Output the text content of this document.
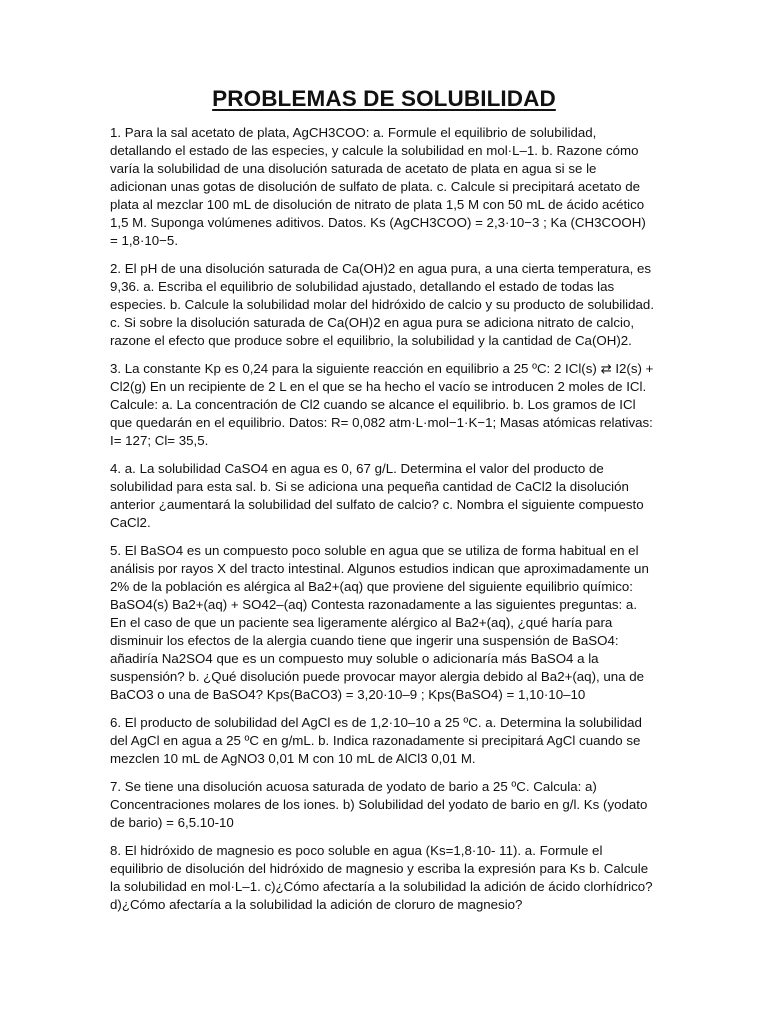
PROBLEMAS DE SOLUBILIDAD

1. Para la sal acetato de plata, AgCH3COO: a. Formule el equilibrio de solubilidad, detallando el estado de las especies, y calcule la solubilidad en mol·L–1. b. Razone cómo varía la solubilidad de una disolución saturada de acetato de plata en agua si se le adicionan unas gotas de disolución de sulfato de plata. c. Calcule si precipitará acetato de plata al mezclar 100 mL de disolución de nitrato de plata 1,5 M con 50 mL de ácido acético 1,5 M. Suponga volúmenes aditivos. Datos. Ks (AgCH3COO) = 2,3·10−3 ; Ka (CH3COOH) = 1,8·10−5.

2. El pH de una disolución saturada de Ca(OH)2 en agua pura, a una cierta temperatura, es 9,36. a. Escriba el equilibrio de solubilidad ajustado, detallando el estado de todas las especies. b. Calcule la solubilidad molar del hidróxido de calcio y su producto de solubilidad. c. Si sobre la disolución saturada de Ca(OH)2 en agua pura se adiciona nitrato de calcio, razone el efecto que produce sobre el equilibrio, la solubilidad y la cantidad de Ca(OH)2.

3. La constante Kp es 0,24 para la siguiente reacción en equilibrio a 25 ºC: 2 ICl(s) ⇄ I2(s) + Cl2(g) En un recipiente de 2 L en el que se ha hecho el vacío se introducen 2 moles de ICl. Calcule: a. La concentración de Cl2 cuando se alcance el equilibrio. b. Los gramos de ICl que quedarán en el equilibrio. Datos: R= 0,082 atm·L·mol−1·K−1; Masas atómicas relativas: I= 127; Cl= 35,5.

4. a. La solubilidad CaSO4 en agua es 0, 67 g/L. Determina el valor del producto de solubilidad para esta sal. b. Si se adiciona una pequeña cantidad de CaCl2 la disolución anterior ¿aumentará la solubilidad del sulfato de calcio? c. Nombra el siguiente compuesto CaCl2.

5. El BaSO4 es un compuesto poco soluble en agua que se utiliza de forma habitual en el análisis por rayos X del tracto intestinal. Algunos estudios indican que aproximadamente un 2% de la población es alérgica al Ba2+(aq) que proviene del siguiente equilibrio químico: BaSO4(s) Ba2+(aq) + SO42–(aq) Contesta razonadamente a las siguientes preguntas: a. En el caso de que un paciente sea ligeramente alérgico al Ba2+(aq), ¿qué haría para disminuir los efectos de la alergia cuando tiene que ingerir una suspensión de BaSO4: añadiría Na2SO4 que es un compuesto muy soluble o adicionaría más BaSO4 a la suspensión? b. ¿Qué disolución puede provocar mayor alergia debido al Ba2+(aq), una de BaCO3 o una de BaSO4? Kps(BaCO3) = 3,20·10–9 ; Kps(BaSO4) = 1,10·10–10

6. El producto de solubilidad del AgCl es de 1,2·10–10 a 25 ºC. a. Determina la solubilidad del AgCl en agua a 25 ºC en g/mL. b. Indica razonadamente si precipitará AgCl cuando se mezclen 10 mL de AgNO3 0,01 M con 10 mL de AlCl3 0,01 M.

7. Se tiene una disolución acuosa saturada de yodato de bario a 25 ºC. Calcula: a) Concentraciones molares de los iones. b) Solubilidad del yodato de bario en g/l. Ks (yodato de bario) = 6,5.10-10

8. El hidróxido de magnesio es poco soluble en agua (Ks=1,8·10- 11). a. Formule el equilibrio de disolución del hidróxido de magnesio y escriba la expresión para Ks b. Calcule la solubilidad en mol·L–1. c)¿Cómo afectaría a la solubilidad la adición de ácido clorhídrico? d)¿Cómo afectaría a la solubilidad la adición de cloruro de magnesio?
